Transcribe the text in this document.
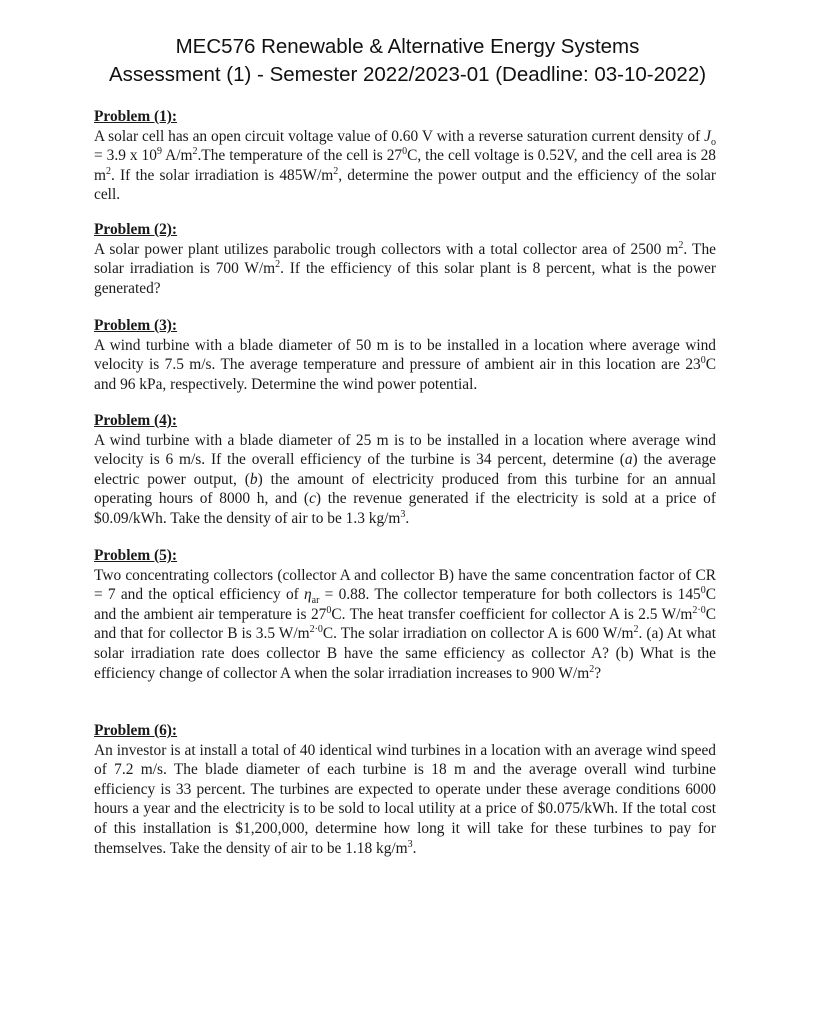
MEC576 Renewable & Alternative Energy Systems
Assessment (1) - Semester 2022/2023-01 (Deadline: 03-10-2022)
Problem (1):
A solar cell has an open circuit voltage value of 0.60 V with a reverse saturation current density of $J_o = 3.9$ x $10^9$ $A/m^2.The$ temperature of the cell is $27^0C$, the cell voltage is 0.52V, and the cell area is 28 $m^2$. If the solar irradiation is $485W/m^2$, determine the power output and the efficiency of the solar cell.
Problem (2):
A solar power plant utilizes parabolic trough collectors with a total collector area of 2500 $m^2$. The solar irradiation is 700 $W/m^2$. If the efficiency of this solar plant is 8 percent, what is the power generated?
Problem (3):
A wind turbine with a blade diameter of 50 m is to be installed in a location where average wind velocity is 7.5 m/s. The average temperature and pressure of ambient air in this location are $23^0C$ and 96 kPa, respectively. Determine the wind power potential.
Problem (4):
A wind turbine with a blade diameter of 25 m is to be installed in a location where average wind velocity is 6 m/s. If the overall efficiency of the turbine is 34 percent, determine (a) the average electric power output, (b) the amount of electricity produced from this turbine for an annual operating hours of 8000 h, and (c) the revenue generated if the electricity is sold at a price of $0.09/kWh. Take the density of air to be 1.3 $kg/m^3$.
Problem (5):
Two concentrating collectors (collector A and collector B) have the same concentration factor of CR = 7 and the optical efficiency of $\eta_{ar} = 0.88$. The collector temperature for both collectors is $145^0C$ and the ambient air temperature is $27^0C$. The heat transfer coefficient for collector A is 2.5 $W/m^{2\cdot 0}C$ and that for collector B is 3.5 $W/m^{2\cdot 0}C$. The solar irradiation on collector A is 600 $W/m^2$. (a) At what solar irradiation rate does collector B have the same efficiency as collector A? (b) What is the efficiency change of collector A when the solar irradiation increases to 900 $W/m^2$?
Problem (6):
An investor is at install a total of 40 identical wind turbines in a location with an average wind speed of 7.2 m/s. The blade diameter of each turbine is 18 m and the average overall wind turbine efficiency is 33 percent. The turbines are expected to operate under these average conditions 6000 hours a year and the electricity is to be sold to local utility at a price of $0.075/kWh. If the total cost of this installation is $1,200,000, determine how long it will take for these turbines to pay for themselves. Take the density of air to be 1.18 $kg/m^3$.
